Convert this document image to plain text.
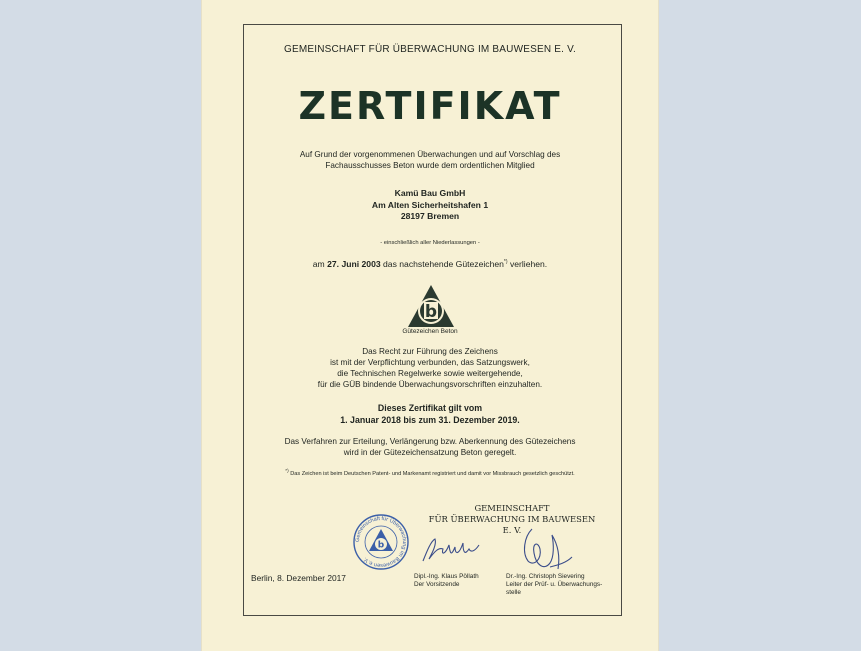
GEMEINSCHAFT FÜR ÜBERWACHUNG IM BAUWESEN E. V.
ZERTIFIKAT
Auf Grund der vorgenommenen Überwachungen und auf Vorschlag des
Fachausschusses Beton wurde dem ordentlichen Mitglied
Kamü Bau GmbH
Am Alten Sicherheitshafen 1
28197 Bremen
- einschließlich aller Niederlassungen -
am 27. Juni 2003 das nachstehende Gütezeichen*) verliehen.
b
Gütezeichen Beton
Das Recht zur Führung des Zeichens
ist mit der Verpflichtung verbunden, das Satzungswerk,
die Technischen Regelwerke sowie weitergehende,
für die GÜB bindende Überwachungsvorschriften einzuhalten.
Dieses Zertifikat gilt vom
1. Januar 2018 bis zum 31. Dezember 2019.
Das Verfahren zur Erteilung, Verlängerung bzw. Aberkennung des Gütezeichens
wird in der Gütezeichensatzung Beton geregelt.
*) Das Zeichen ist beim Deutschen Patent- und Markenamt registriert und damit vor Missbrauch gesetzlich geschützt.
GEMEINSCHAFT
FÜR ÜBERWACHUNG IM BAUWESEN E. V.
Gemeinschaft für Überwachung im Bauwesen e.V.
b
Berlin, 8. Dezember 2017	Dipl.-Ing. Klaus Pöllath
Der Vorsitzende
Dr.-Ing. Christoph Sievering
Leiter der Prüf- u. Überwachungs-
stelle
